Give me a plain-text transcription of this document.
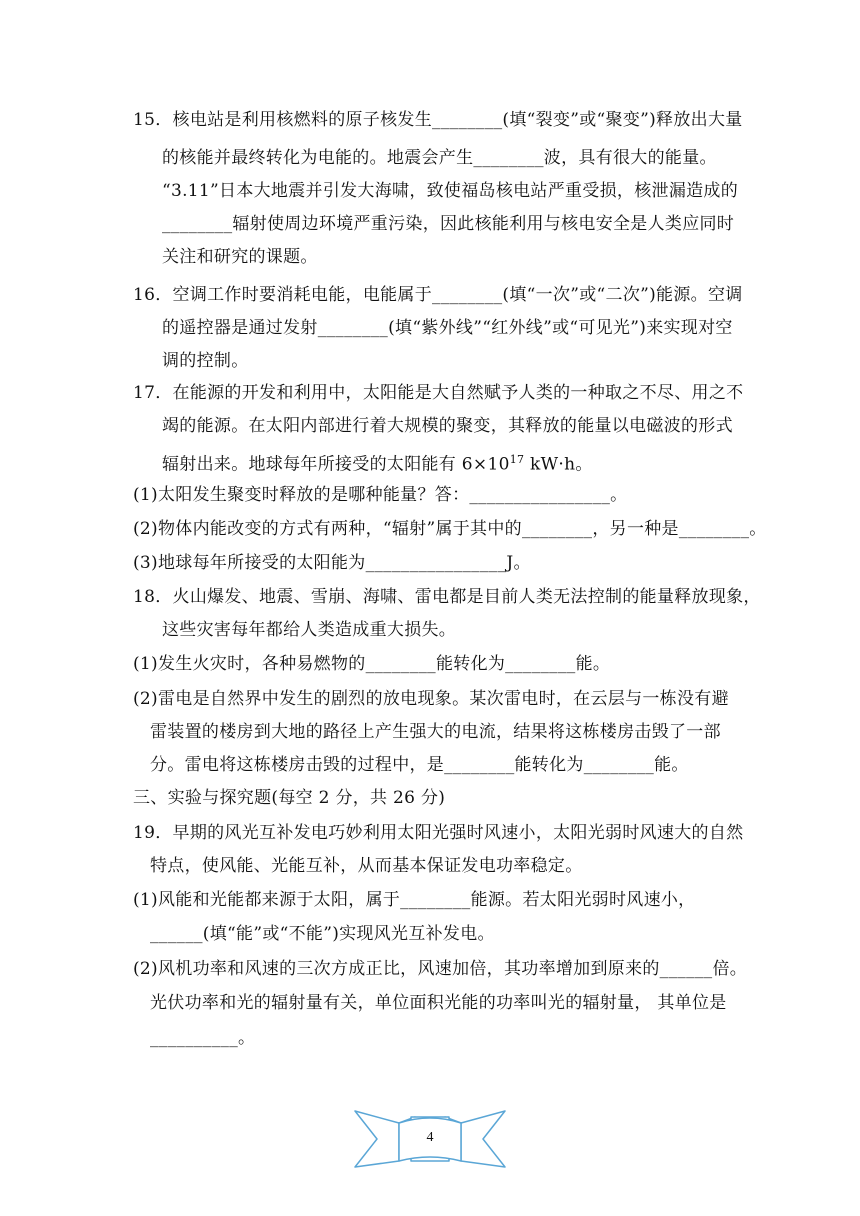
15．核电站是利用核燃料的原子核发生________(填“裂变”或“聚变”)释放出大量
的核能并最终转化为电能的。地震会产生________波，具有很大的能量。
“3.11”日本大地震并引发大海啸，致使福岛核电站严重受损，核泄漏造成的
________辐射使周边环境严重污染，因此核能利用与核电安全是人类应同时
关注和研究的课题。
16．空调工作时要消耗电能，电能属于________(填“一次”或“二次”)能源。空调
的遥控器是通过发射________(填“紫外线”“红外线”或“可见光”)来实现对空
调的控制。
17．在能源的开发和利用中，太阳能是大自然赋予人类的一种取之不尽、用之不
竭的能源。在太阳内部进行着大规模的聚变，其释放的能量以电磁波的形式
辐射出来。地球每年所接受的太阳能有 $6\times 10^{17}$ kW·h。
(1)太阳发生聚变时释放的是哪种能量？答：________________。
(2)物体内能改变的方式有两种，“辐射”属于其中的________，另一种是________。
(3)地球每年所接受的太阳能为________________J。
18．火山爆发、地震、雪崩、海啸、雷电都是目前人类无法控制的能量释放现象，
这些灾害每年都给人类造成重大损失。
(1)发生火灾时，各种易燃物的________能转化为________能。
(2)雷电是自然界中发生的剧烈的放电现象。某次雷电时，在云层与一栋没有避
雷装置的楼房到大地的路径上产生强大的电流，结果将这栋楼房击毁了一部
分。雷电将这栋楼房击毁的过程中，是________能转化为________能。
三、实验与探究题(每空 2 分，共 26 分)
19．早期的风光互补发电巧妙利用太阳光强时风速小，太阳光弱时风速大的自然
特点，使风能、光能互补，从而基本保证发电功率稳定。
(1)风能和光能都来源于太阳，属于________能源。若太阳光弱时风速小，
______(填“能”或“不能”)实现风光互补发电。
(2)风机功率和风速的三次方成正比，风速加倍，其功率增加到原来的______倍。
光伏功率和光的辐射量有关，单位面积光能的功率叫光的辐射量， 其单位是
__________。
4
